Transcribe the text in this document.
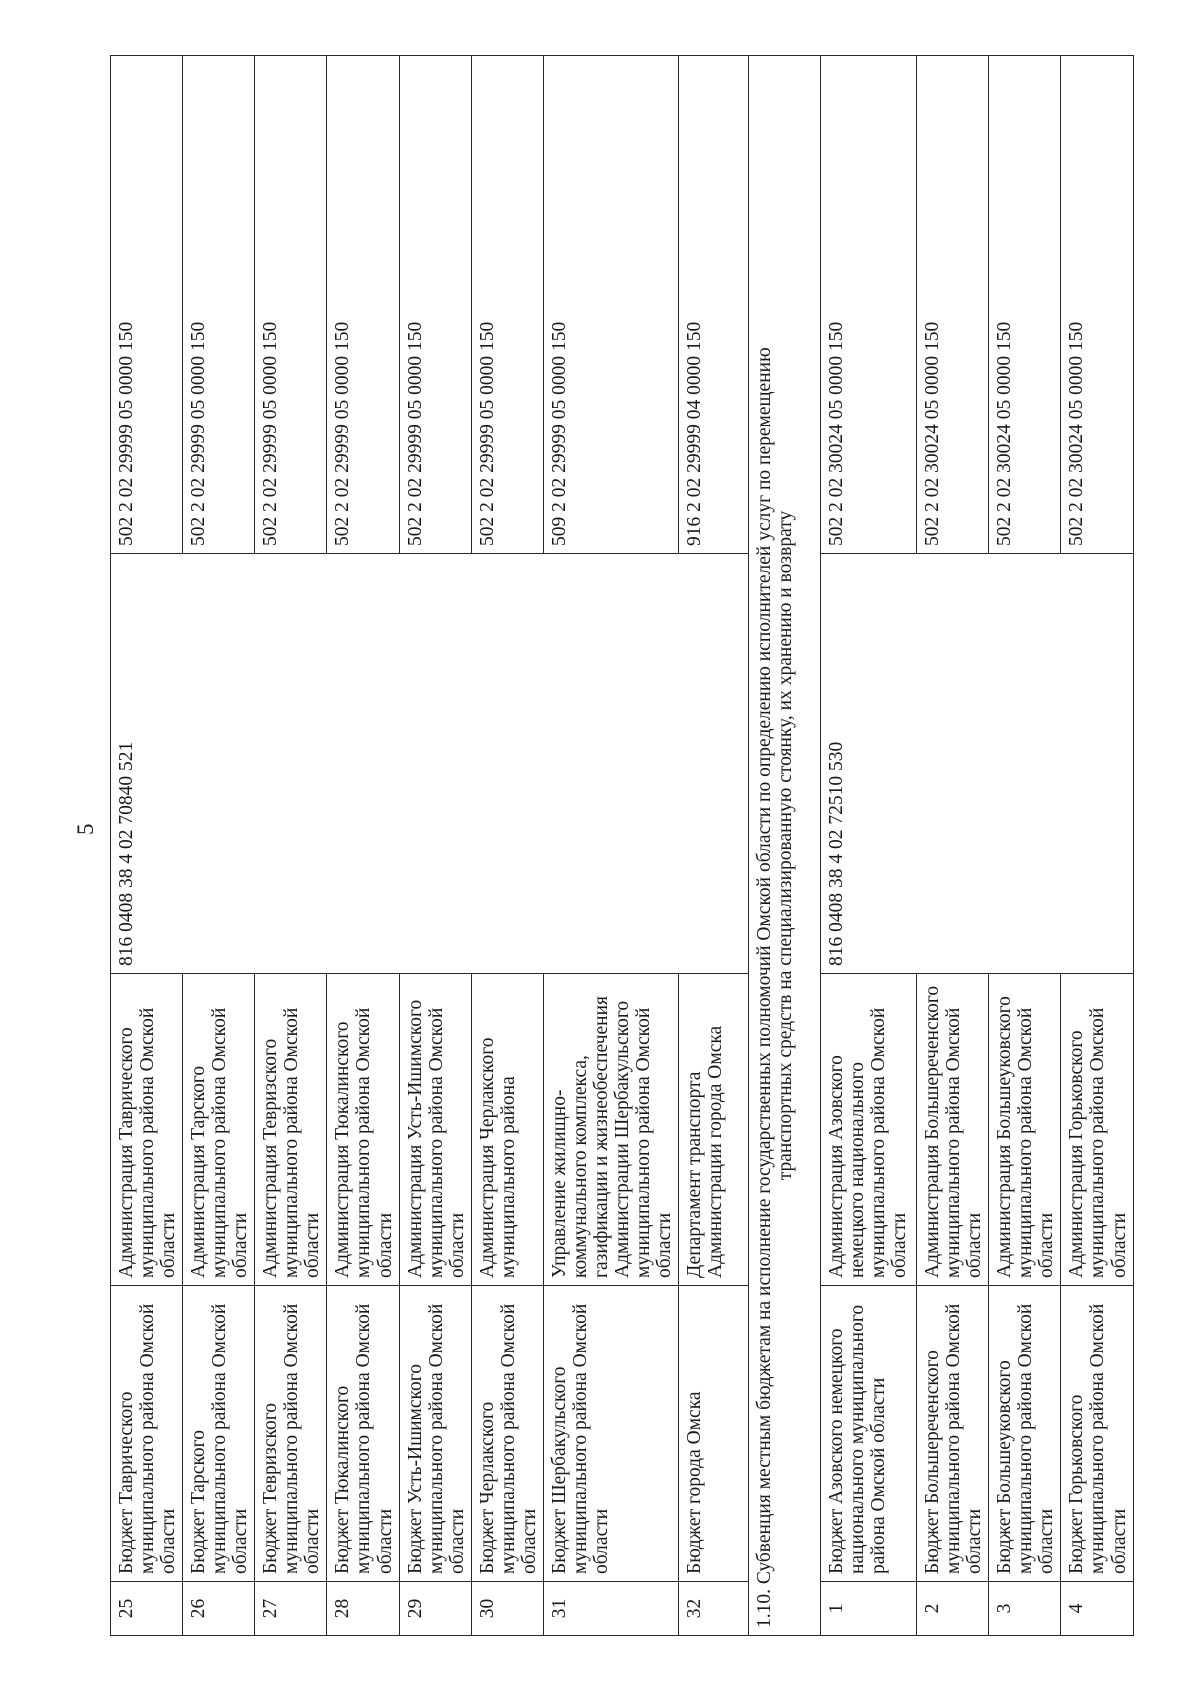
5
25	Бюджет Таврического муниципального района Омской области	Администрация Таврического муниципального района Омской области	816 0408 38 4 02 70840 521	502 2 02 29999 05 0000 150
26	Бюджет Тарского муниципального района Омской области	Администрация Тарского муниципального района Омской области		502 2 02 29999 05 0000 150
27	Бюджет Тевризского муниципального района Омской области	Администрация Тевризского муниципального района Омской области		502 2 02 29999 05 0000 150
28	Бюджет Тюкалинского муниципального района Омской области	Администрация Тюкалинского муниципального района Омской области		502 2 02 29999 05 0000 150
29	Бюджет Усть-Ишимского муниципального района Омской области	Администрация Усть-Ишимского муниципального района Омской области		502 2 02 29999 05 0000 150
30	Бюджет Черлакского муниципального района Омской области	Администрация Черлакского муниципального района		502 2 02 29999 05 0000 150
31	Бюджет Шербакульского муниципального района Омской области	Управление жилищно-коммунального комплекса, газификации и жизнеобеспечения Администрации Шербакульского муниципального района Омской области		509 2 02 29999 05 0000 150
32	Бюджет города Омска	Департамент транспорта Администрации города Омска		916 2 02 29999 04 0000 150
1.10. Субвенция местным бюджетам на исполнение государственных полномочий Омской области по определению исполнителей услуг по перемещению транспортных средств на специализированную стоянку, их хранению и возврату				

1	Бюджет Азовского немецкого национального муниципального района Омской области	Администрация Азовского немецкого национального муниципального района Омской области	816 0408 38 4 02 72510 530	502 2 02 30024 05 0000 150
2	Бюджет Большереченского муниципального района Омской области	Администрация Большереченского муниципального района Омской области		502 2 02 30024 05 0000 150
3	Бюджет Большеуковского муниципального района Омской области	Администрация Большеуковского муниципального района Омской области		502 2 02 30024 05 0000 150
4	Бюджет Горьковского муниципального района Омской области	Администрация Горьковского муниципального района Омской области		502 2 02 30024 05 0000 150
